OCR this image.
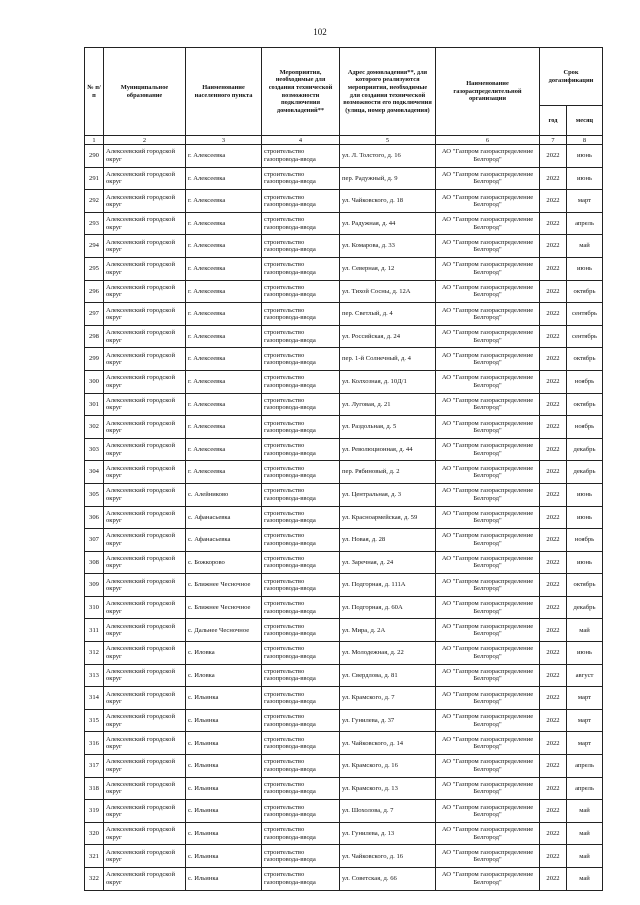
102
№ п/п	Муниципальное образование	Наименование населенного пункта	Мероприятия, необходимые для создания технической возможности подключения домовладений**	Адрес домовладения**, для которого реализуются мероприятия, необходимые для создания технической возможности его подключения (улица, номер домовладения)	Наименование газораспределительной организации	Срок догазификации	
						год	месяц
1	2	3	4	5	6	7	8
290	Алексеевский городской округ	г. Алексеевка	строительство газопровода-ввода	ул. Л. Толстого, д. 16	АО "Газпром газораспределение Белгород"	2022	июнь
291	Алексеевский городской округ	г. Алексеевка	строительство газопровода-ввода	пер. Радужный, д. 9	АО "Газпром газораспределение Белгород"	2022	июнь
292	Алексеевский городской округ	г. Алексеевка	строительство газопровода-ввода	ул. Чайковского, д. 18	АО "Газпром газораспределение Белгород"	2022	март
293	Алексеевский городской округ	г. Алексеевка	строительство газопровода-ввода	ул. Радужная, д. 44	АО "Газпром газораспределение Белгород"	2022	апрель
294	Алексеевский городской округ	г. Алексеевка	строительство газопровода-ввода	ул. Комарова, д. 33	АО "Газпром газораспределение Белгород"	2022	май
295	Алексеевский городской округ	г. Алексеевка	строительство газопровода-ввода	ул. Северная, д. 12	АО "Газпром газораспределение Белгород"	2022	июнь
296	Алексеевский городской округ	г. Алексеевка	строительство газопровода-ввода	ул. Тихой Сосны, д. 12А	АО "Газпром газораспределение Белгород"	2022	октябрь
297	Алексеевский городской округ	г. Алексеевка	строительство газопровода-ввода	пер. Светлый, д. 4	АО "Газпром газораспределение Белгород"	2022	сентябрь
298	Алексеевский городской округ	г. Алексеевка	строительство газопровода-ввода	ул. Российская, д. 24	АО "Газпром газораспределение Белгород"	2022	сентябрь
299	Алексеевский городской округ	г. Алексеевка	строительство газопровода-ввода	пер. 1-й Солнечный, д. 4	АО "Газпром газораспределение Белгород"	2022	октябрь
300	Алексеевский городской округ	г. Алексеевка	строительство газопровода-ввода	ул. Колхозная, д. 10Д/1	АО "Газпром газораспределение Белгород"	2022	ноябрь
301	Алексеевский городской округ	г. Алексеевка	строительство газопровода-ввода	ул. Луговая, д. 21	АО "Газпром газораспределение Белгород"	2022	октябрь
302	Алексеевский городской округ	г. Алексеевка	строительство газопровода-ввода	ул. Раздольная, д. 5	АО "Газпром газораспределение Белгород"	2022	ноябрь
303	Алексеевский городской округ	г. Алексеевка	строительство газопровода-ввода	ул. Революционная, д. 44	АО "Газпром газораспределение Белгород"	2022	декабрь
304	Алексеевский городской округ	г. Алексеевка	строительство газопровода-ввода	пер. Рябиновый, д. 2	АО "Газпром газораспределение Белгород"	2022	декабрь
305	Алексеевский городской округ	с. Алейниково	строительство газопровода-ввода	ул. Центральная, д. 3	АО "Газпром газораспределение Белгород"	2022	июнь
306	Алексеевский городской округ	с. Афанасьевка	строительство газопровода-ввода	ул. Красноармейская, д. 59	АО "Газпром газораспределение Белгород"	2022	июнь
307	Алексеевский городской округ	с. Афанасьевка	строительство газопровода-ввода	ул. Новая, д. 28	АО "Газпром газораспределение Белгород"	2022	ноябрь
308	Алексеевский городской округ	с. Божкорово	строительство газопровода-ввода	ул. Заречная, д. 24	АО "Газпром газораспределение Белгород"	2022	июнь
309	Алексеевский городской округ	с. Ближнее Чесночное	строительство газопровода-ввода	ул. Подгорная, д. 111А	АО "Газпром газораспределение Белгород"	2022	октябрь
310	Алексеевский городской округ	с. Ближнее Чесночное	строительство газопровода-ввода	ул. Подгорная, д. 60А	АО "Газпром газораспределение Белгород"	2022	декабрь
311	Алексеевский городской округ	с. Дальнее Чесночное	строительство газопровода-ввода	ул. Мира, д. 2А	АО "Газпром газораспределение Белгород"	2022	май
312	Алексеевский городской округ	с. Иловка	строительство газопровода-ввода	ул. Молодежная, д. 22	АО "Газпром газораспределение Белгород"	2022	июнь
313	Алексеевский городской округ	с. Иловка	строительство газопровода-ввода	ул. Свердлова, д. 81	АО "Газпром газораспределение Белгород"	2022	август
314	Алексеевский городской округ	с. Ильинка	строительство газопровода-ввода	ул. Крамского, д. 7	АО "Газпром газораспределение Белгород"	2022	март
315	Алексеевский городской округ	с. Ильинка	строительство газопровода-ввода	ул. Гунилева, д. 37	АО "Газпром газораспределение Белгород"	2022	март
316	Алексеевский городской округ	с. Ильинка	строительство газопровода-ввода	ул. Чайковского, д. 14	АО "Газпром газораспределение Белгород"	2022	март
317	Алексеевский городской округ	с. Ильинка	строительство газопровода-ввода	ул. Крамского, д. 16	АО "Газпром газораспределение Белгород"	2022	апрель
318	Алексеевский городской округ	с. Ильинка	строительство газопровода-ввода	ул. Крамского, д. 13	АО "Газпром газораспределение Белгород"	2022	апрель
319	Алексеевский городской округ	с. Ильинка	строительство газопровода-ввода	ул. Шохолова, д. 7	АО "Газпром газораспределение Белгород"	2022	май
320	Алексеевский городской округ	с. Ильинка	строительство газопровода-ввода	ул. Гунилева, д. 13	АО "Газпром газораспределение Белгород"	2022	май
321	Алексеевский городской округ	с. Ильинка	строительство газопровода-ввода	ул. Чайковского, д. 16	АО "Газпром газораспределение Белгород"	2022	май
322	Алексеевский городской округ	с. Ильинка	строительство газопровода-ввода	ул. Советская, д. 66	АО "Газпром газораспределение Белгород"	2022	май
